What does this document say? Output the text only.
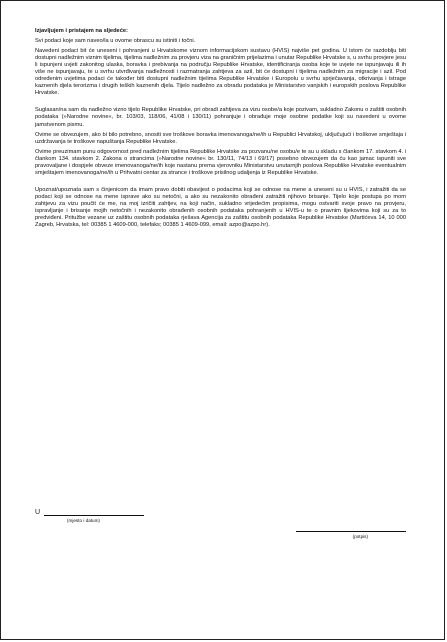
Izjavljujem i pristajem na sljedeće:

Svi podaci koje sam naveo/la u ovome obrascu su istiniti i točni.

Navedeni podaci bit će uneseni i pohranjeni u Hrvatskome viznom informacijskom sustavu (HVIS) najviše pet godina. U istom će razdoblju biti dostupni nadležnim viznim tijelima, tijelima nadležnim za provjeru viza na graničnim prijelazima i unutar Republike Hrvatske s, u svrhu provjere jesu li ispunjeni uvjeti zakonitog ulaska, boravka i prebivanja na području Republike Hrvatske, identificiranja osoba koje te uvjete ne ispunjavaju ili ih više ne ispunjavaju, te u svrhu utvrđivanja nadležnosti i razmatranja zahtjeva za azil, bit će dostupni i tijelima nadležnim za migracije i azil. Pod određenim uvjetima podaci će također biti dostupni nadležnim tijelima Republike Hrvatske i Europolu u svrhu sprječavanja, otkrivanja i istrage kaznenih djela terorizma i drugih teških kaznenih djela. Tijelo nadležno za obradu podataka je Ministarstvo vanjskih i europskih poslova Republike Hrvatske.

Suglasan/na sam da nadležno vizno tijelo Republike Hrvatske, pri obradi zahtjeva za vizu osobe/a koje pozivam, sukladno Zakonu o zaštiti osobnih podataka (»Narodne novine«, br. 103/03, 118/06, 41/08 i 130/11) pohranjuje i obrađuje moje osobne podatke koji su navedeni u ovome jamstvenom pismu.

Ovime se obvezujem, ako bi bilo potrebno, snositi sve troškove boravka imenovanoga/ne/ih u Republici Hrvatskoj, uključujući i troškove smještaja i uzdržavanja te troškove napuštanja Republike Hrvatske.

Ovime preuzimam punu odgovornost pred nadležnim tijelima Republike Hrvatske za pozvanu/ne osobu/e te su u skladu s člankom 17. stavkom 4. i člankom 134. stavkom 2. Zakona o strancima (»Narodne novine« br. 130/11, 74/13 i 69/17) posebno obvezujem da ću kao jamac ispuniti sve pravovaljane i dospjele obveze imenovanoga/ne/ih koje nastanu prema vjerovniku Ministarstvu unutarnjih poslova Republike Hrvatske eventualnim smještajem imenovanoga/ne/ih u Prihvatni centar za strance i troškove prisilnog udaljenja iz Republike Hrvatske.

Upoznat/upoznata sam s činjenicom da imam pravo dobiti obavijest o podacima koji se odnose na mene a uneseni su u HVIS, i zatražiti da se podaci koji se odnose na mene isprave ako su netočni, a ako su nezakonito obrađeni zatražiti njihovo brisanje. Tijelo koje postupa po mom zahtjevu za vizu poučit će me, na moj izričiti zahtjev, na koji način, sukladno vrijedećim propisima, mogu ostvariti svoje pravo na provjeru, ispravljanje i brisanje mojih netočnih i nezakonito obrađenih osobnih podataka pohranjenih u HVIS-u te o pravnim lijekovima koji su za to predviđeni. Pritužbe vezane uz zaštitu osobnih podataka rješava Agencija za zaštitu osobnih podataka Republike Hrvatske (Martićeva 14, 10 000 Zagreb, Hrvatska, tel: 00385 1 4609-000, telefaks; 00385 1 4609-099, email: azpo@azpo.hr).

U
(mjesto i datum)
(potpis)
